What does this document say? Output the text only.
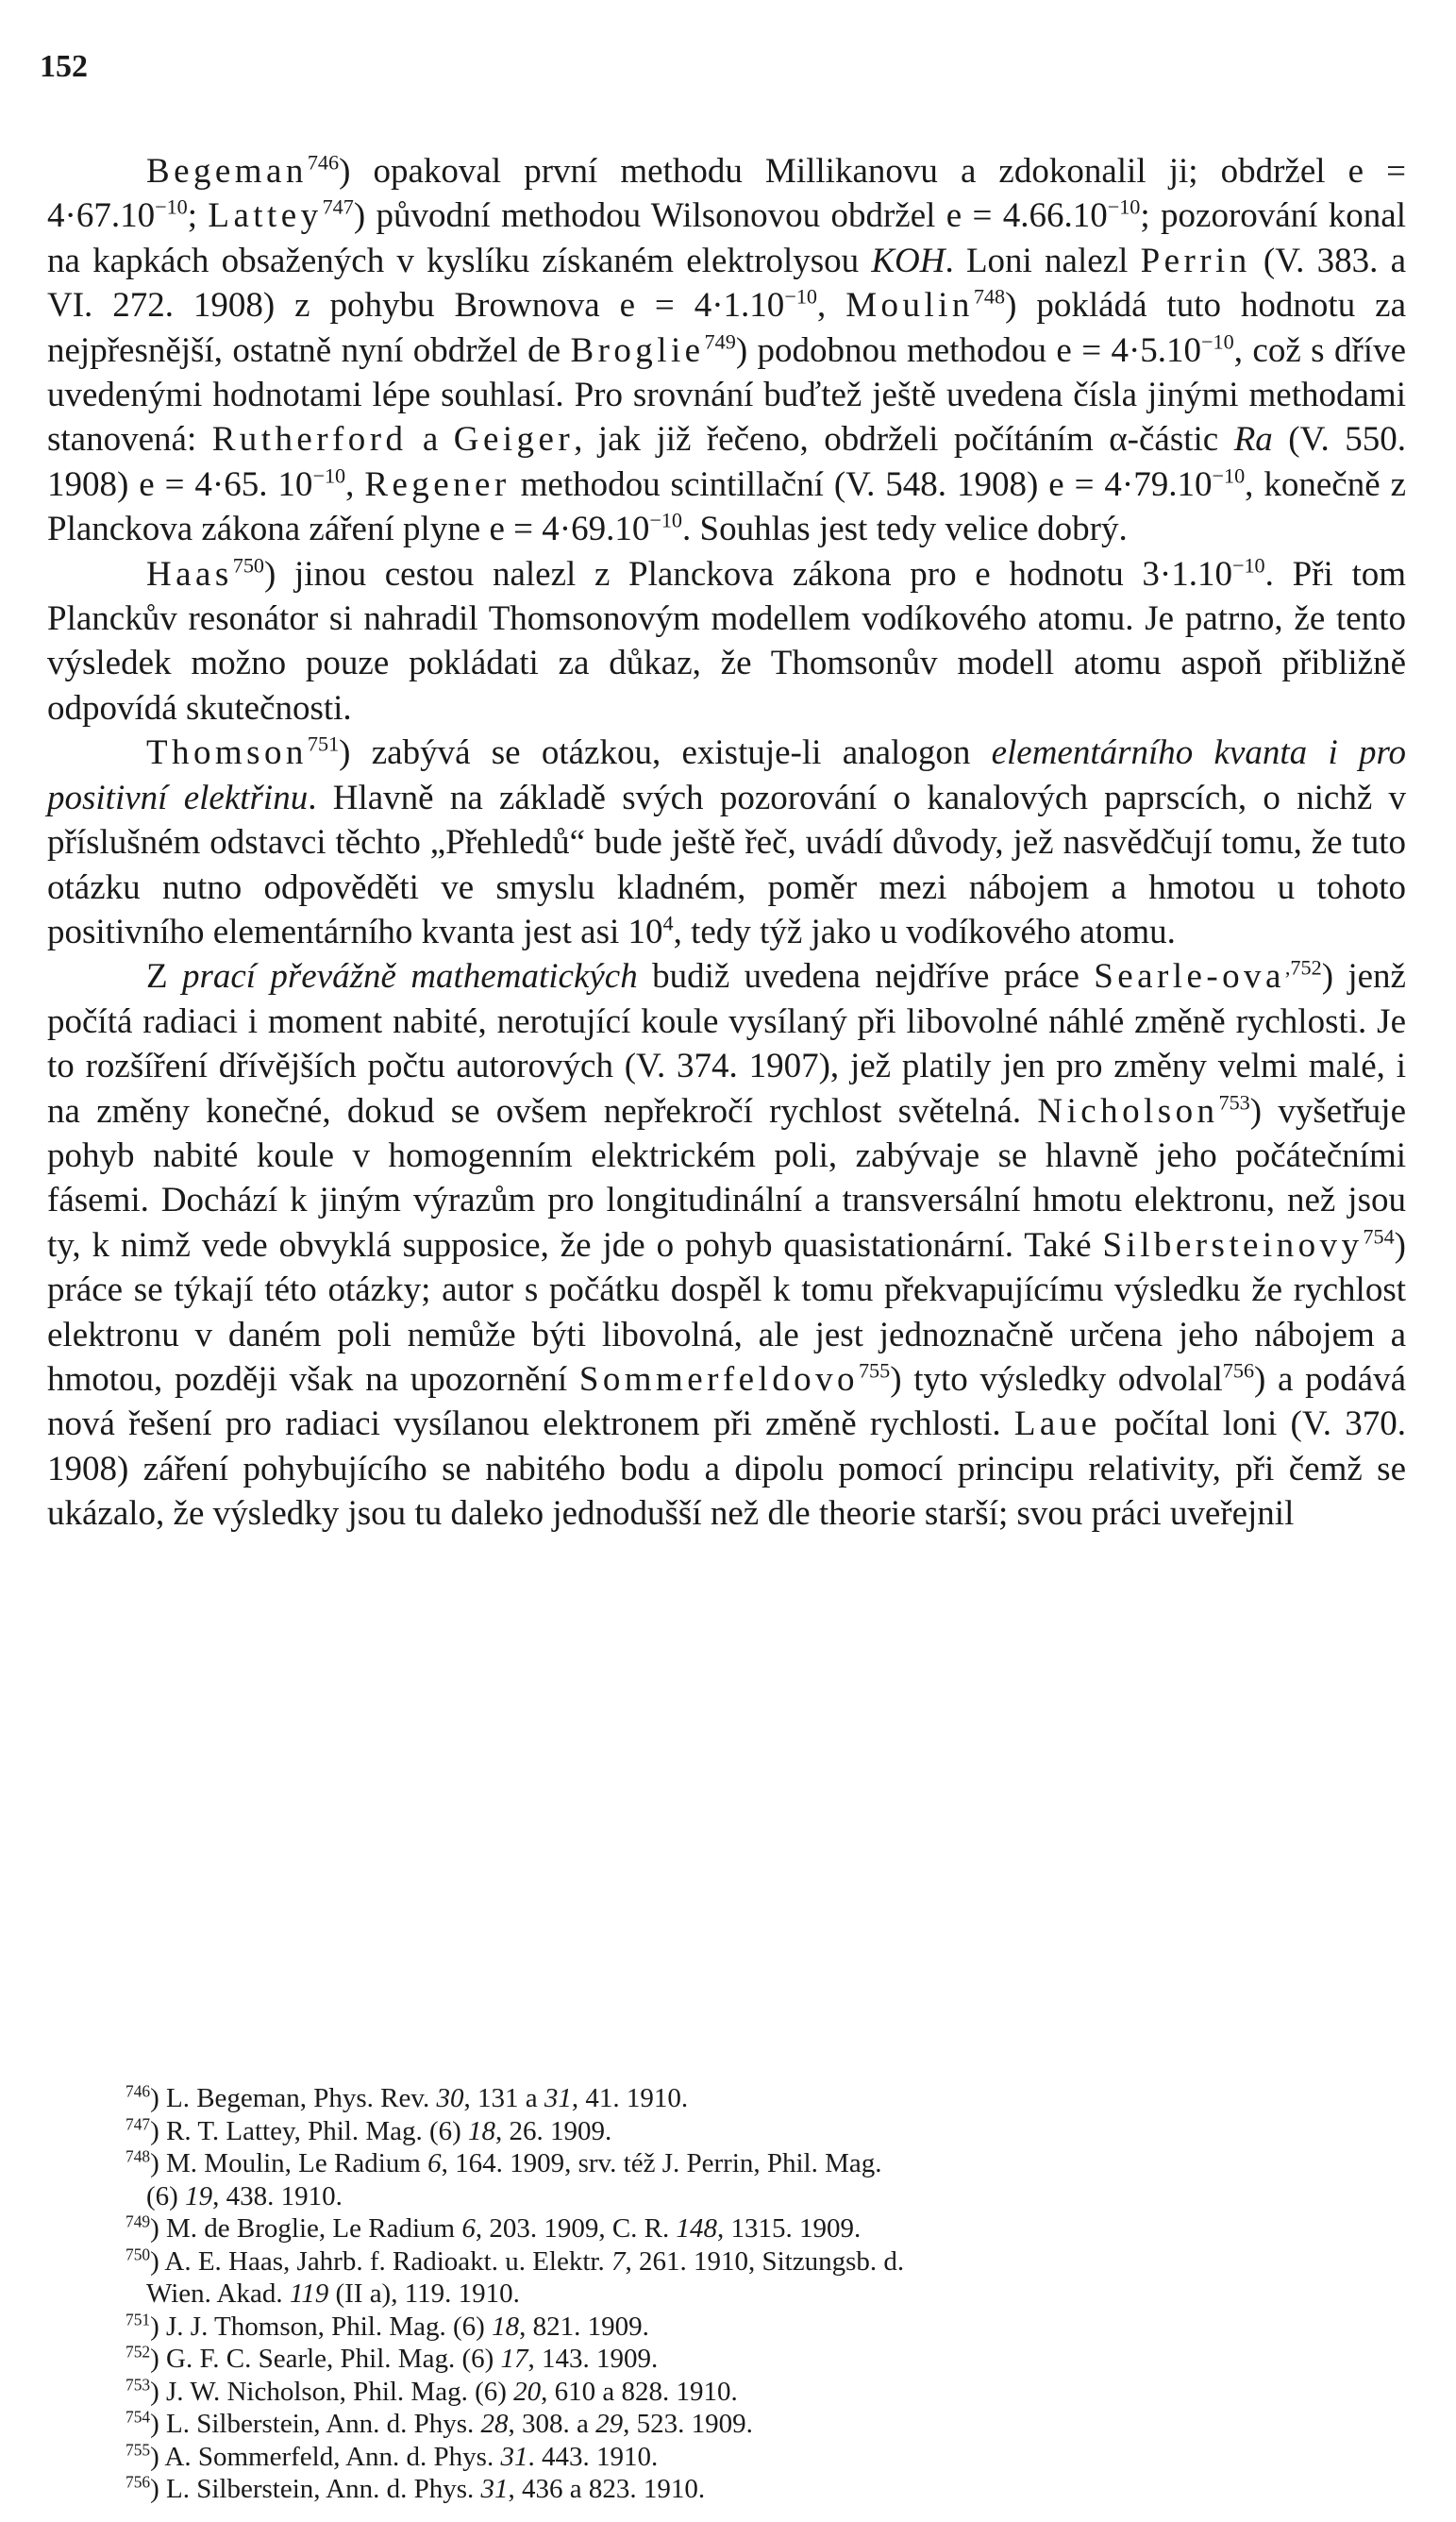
152

Begeman$^{746}$) opakoval první methodu Millikanovu a zdokonalil ji; obdržel $e = 4\cdot 67.10^{-10}$; Lattey$^{747}$) původní methodou Wilsonovou obdržel $e = 4.66.10^{-10}$; pozorování konal na kapkách obsažených v kyslíku získaném elektrolysou KOH. Loni nalezl Perrin (V. 383. a VI. 272. 1908) z pohybu Brownova $e = 4\cdot 1.10^{-10}$, Moulin$^{748}$) pokládá tuto hodnotu za nejpřesnější, ostatně nyní obdržel de Broglie$^{749}$) podobnou methodou $e = 4\cdot 5.10^{-10}$, což s dříve uvedenými hodnotami lépe souhlasí. Pro srovnání buďtež ještě uvedena čísla jinými methodami stanovená: Rutherford a Geiger, jak již řečeno, obdrželi počítáním α-částic Ra (V. 550. 1908) e = 4·65. $10^{-10}$, Regener methodou scintillační (V. 548. 1908) $e = 4\cdot 79.10^{-10}$, konečně z Planckova zákona záření plyne $e = 4\cdot 69.10^{-10}$. Souhlas jest tedy velice dobrý.

Haas$^{750}$) jinou cestou nalezl z Planckova zákona pro e hodnotu $3\cdot 1.10^{-10}$. Při tom Planckův resonátor si nahradil Thomsonovým modellem vodíkového atomu. Je patrno, že tento výsledek možno pouze pokládati za důkaz, že Thomsonův modell atomu aspoň přibližně odpovídá skutečnosti.

Thomson$^{751}$) zabývá se otázkou, existuje-li analogon elementárního kvanta i pro positivní elektřinu. Hlavně na základě svých pozorování o kanalových paprscích, o nichž v příslušném odstavci těchto „Přehledů“ bude ještě řeč, uvádí důvody, jež nasvědčují tomu, že tuto otázku nutno odpověděti ve smyslu kladném, poměr mezi nábojem a hmotou u tohoto positivního elementárního kvanta jest asi $10^4$, tedy týž jako u vodíkového atomu.

Z prací převážně mathematických budiž uvedena nejdříve práce Searle-ova$^{,752}$) jenž počítá radiaci i moment nabité, nerotující koule vysílaný při libovolné náhlé změně rychlosti. Je to rozšíření dřívějších počtu autorových (V. 374. 1907), jež platily jen pro změny velmi malé, i na změny konečné, dokud se ovšem nepřekročí rychlost světelná. Nicholson$^{753}$) vyšetřuje pohyb nabité koule v homogenním elektrickém poli, zabývaje se hlavně jeho počátečními fásemi. Dochází k jiným výrazům pro longitudinální a transversální hmotu elektronu, než jsou ty, k nimž vede obvyklá supposice, že jde o pohyb quasistationární. Také Silbersteinovy$^{754}$) práce se týkají této otázky; autor s počátku dospěl k tomu překvapujícímu výsledku že rychlost elektronu v daném poli nemůže býti libovolná, ale jest jednoznačně určena jeho nábojem a hmotou, později však na upozornění Sommerfeldovo$^{755}$) tyto výsledky odvolal$^{756}$) a podává nová řešení pro radiaci vysílanou elektronem při změně rychlosti. Laue počítal loni (V. 370. 1908) záření pohybujícího se nabitého bodu a dipolu pomocí principu relativity, při čemž se ukázalo, že výsledky jsou tu daleko jednodušší než dle theorie starší; svou práci uveřejnil

$^{746}$) L. Begeman, Phys. Rev. 30, 131 a 31, 41. 1910.

$^{747}$) R. T. Lattey, Phil. Mag. (6) 18, 26. 1909.

$^{748}$) M. Moulin, Le Radium 6, 164. 1909, srv. též J. Perrin, Phil. Mag.

(6) 19, 438. 1910.

$^{749}$) M. de Broglie, Le Radium 6, 203. 1909, C. R. 148, 1315. 1909.

$^{750}$) A. E. Haas, Jahrb. f. Radioakt. u. Elektr. 7, 261. 1910, Sitzungsb. d.

Wien. Akad. 119 (II a), 119. 1910.

$^{751}$) J. J. Thomson, Phil. Mag. (6) 18, 821. 1909.

$^{752}$) G. F. C. Searle, Phil. Mag. (6) 17, 143. 1909.

$^{753}$) J. W. Nicholson, Phil. Mag. (6) 20, 610 a 828. 1910.

$^{754}$) L. Silberstein, Ann. d. Phys. 28, 308. a 29, 523. 1909.

$^{755}$) A. Sommerfeld, Ann. d. Phys. 31. 443. 1910.

$^{756}$) L. Silberstein, Ann. d. Phys. 31, 436 a 823. 1910.
